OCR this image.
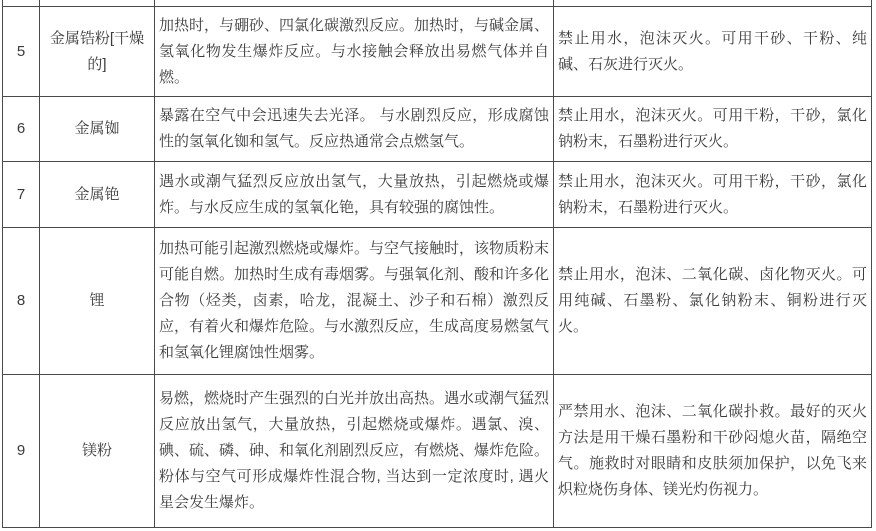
5	金属锆粉[干燥的]	加热时，与硼砂、四氯化碳激烈反应。加热时，与碱金属、氢氧化物发生爆炸反应。与水接触会释放出易燃气体并自燃。	禁止用水，泡沫灭火。可用干砂、干粉、纯碱、石灰进行灭火。
6	金属铷	暴露在空气中会迅速失去光泽。 与水剧烈反应，形成腐蚀性的氢氧化铷和氢气。反应热通常会点燃氢气。	禁止用水，泡沫灭火。可用干粉，干砂，氯化钠粉末，石墨粉进行灭火。
7	金属铯	遇水或潮气猛烈反应放出氢气，大量放热，引起燃烧或爆炸。与水反应生成的氢氧化铯，具有较强的腐蚀性。	禁止用水，泡沫灭火。可用干粉，干砂，氯化钠粉末，石墨粉进行灭火。
8	锂	加热可能引起激烈燃烧或爆炸。与空气接触时，该物质粉末可能自燃。加热时生成有毒烟雾。与强氧化剂、酸和许多化合物（烃类，卤素，哈龙，混凝土、沙子和石棉）激烈反应，有着火和爆炸危险。与水激烈反应，生成高度易燃氢气和氢氧化锂腐蚀性烟雾。	禁止用水，泡沫、二氧化碳、卤化物灭火。可用纯碱、石墨粉、氯化钠粉末、铜粉进行灭火。
9	镁粉	易燃，燃烧时产生强烈的白光并放出高热。遇水或潮气猛烈反应放出氢气，大量放热，引起燃烧或爆炸。遇氯、溴、碘、硫、磷、砷、和氧化剂剧烈反应，有燃烧、爆炸危险。粉体与空气可形成爆炸性混合物, 当达到一定浓度时, 遇火星会发生爆炸。	严禁用水、泡沫、二氧化碳扑救。最好的灭火方法是用干燥石墨粉和干砂闷熄火苗，隔绝空气。施救时对眼睛和皮肤须加保护，以免飞来炽粒烧伤身体、镁光灼伤视力。
